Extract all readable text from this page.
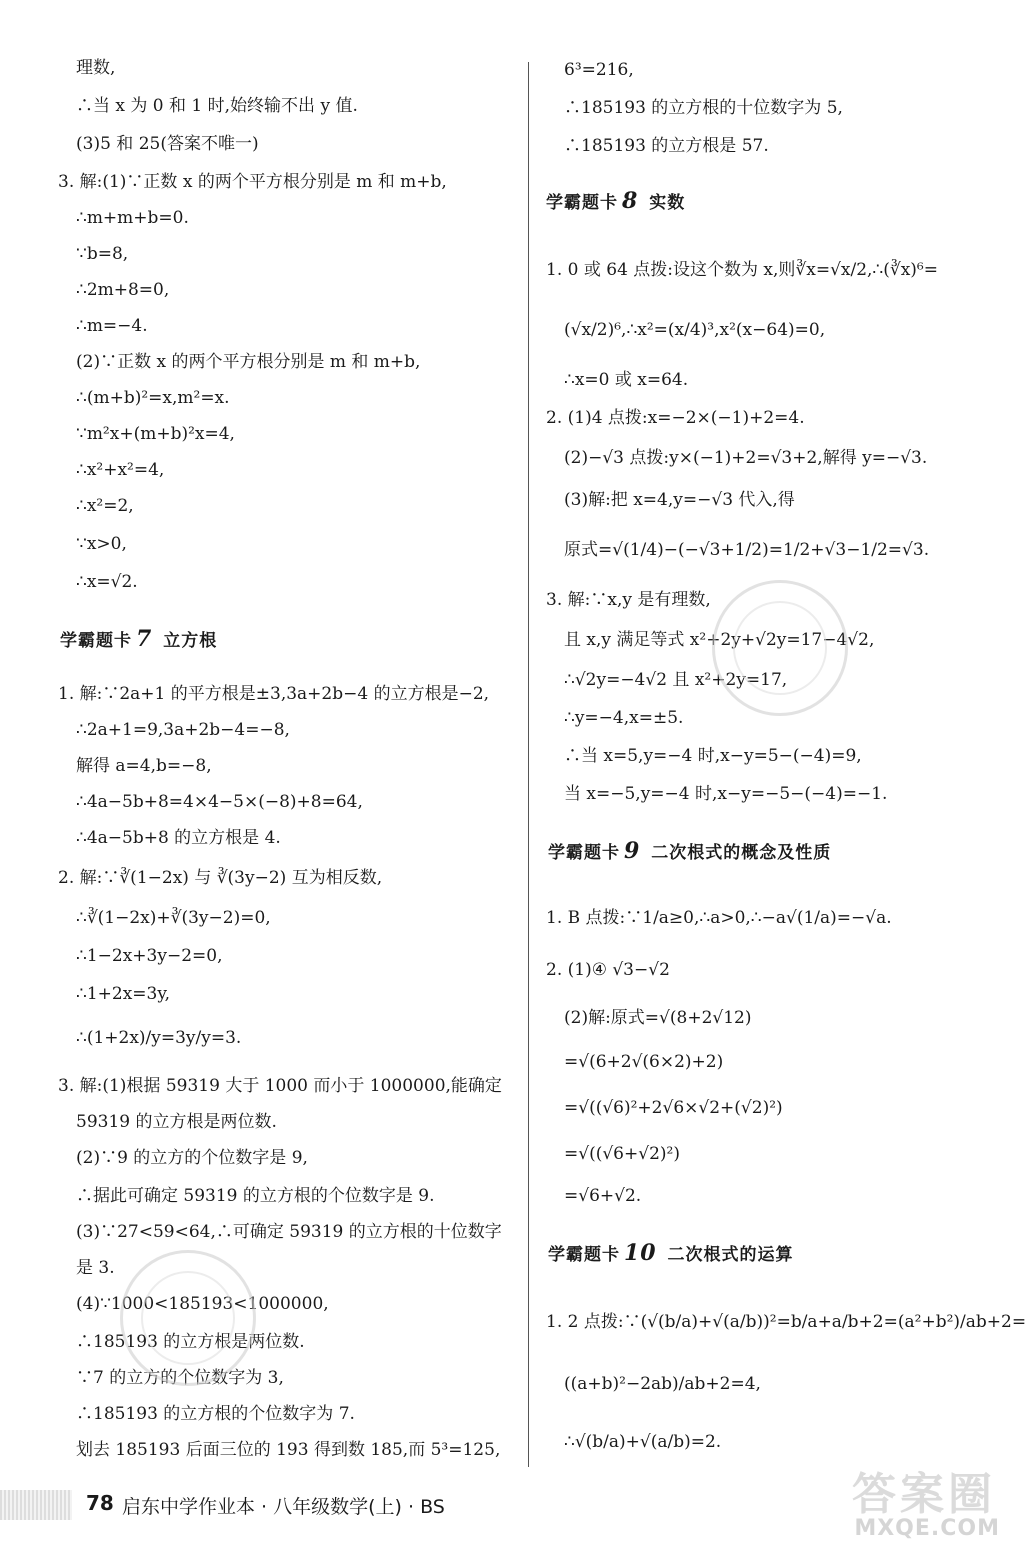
理数,
∴当 x 为 0 和 1 时,始终输不出 y 值.
(3)5 和 25(答案不唯一)
3. 解:(1)∵正数 x 的两个平方根分别是 m 和 m+b,
∴m+m+b=0.
∵b=8,
∴2m+8=0,
∴m=−4.
(2)∵正数 x 的两个平方根分别是 m 和 m+b,
∴(m+b)²=x,m²=x.
∵m²x+(m+b)²x=4,
∴x²+x²=4,
∴x²=2,
∵x>0,
∴x=√2.
学霸题卡 7 立方根
1. 解:∵2a+1 的平方根是±3,3a+2b−4 的立方根是−2,
∴2a+1=9,3a+2b−4=−8,
解得 a=4,b=−8,
∴4a−5b+8=4×4−5×(−8)+8=64,
∴4a−5b+8 的立方根是 4.
2. 解:∵∛(1−2x) 与 ∛(3y−2) 互为相反数,
∴∛(1−2x)+∛(3y−2)=0,
∴1−2x+3y−2=0,
∴1+2x=3y,
∴(1+2x)/y=3y/y=3.
3. 解:(1)根据 59319 大于 1000 而小于 1000000,能确定
59319 的立方根是两位数.
(2)∵9 的立方的个位数字是 9,
∴据此可确定 59319 的立方根的个位数字是 9.
(3)∵27<59<64,∴可确定 59319 的立方根的十位数字
是 3.
(4)∵1000<185193<1000000,
∴185193 的立方根是两位数.
∵7 的立方的个位数字为 3,
∴185193 的立方根的个位数字为 7.
划去 185193 后面三位的 193 得到数 185,而 5³=125,
6³=216,
∴185193 的立方根的十位数字为 5,
∴185193 的立方根是 57.
学霸题卡 8 实数
1. 0 或 64 点拨:设这个数为 x,则∛x=√x/2,∴(∛x)⁶=
(√x/2)⁶,∴x²=(x/4)³,x²(x−64)=0,
∴x=0 或 x=64.
2. (1)4 点拨:x=−2×(−1)+2=4.
(2)−√3 点拨:y×(−1)+2=√3+2,解得 y=−√3.
(3)解:把 x=4,y=−√3 代入,得
原式=√(1/4)−(−√3+1/2)=1/2+√3−1/2=√3.
3. 解:∵x,y 是有理数,
且 x,y 满足等式 x²+2y+√2y=17−4√2,
∴√2y=−4√2 且 x²+2y=17,
∴y=−4,x=±5.
∴当 x=5,y=−4 时,x−y=5−(−4)=9,
当 x=−5,y=−4 时,x−y=−5−(−4)=−1.
学霸题卡 9 二次根式的概念及性质
1. B 点拨:∵1/a≥0,∴a>0,∴−a√(1/a)=−√a.
2. (1)④ √3−√2
(2)解:原式=√(8+2√12)
=√(6+2√(6×2)+2)
=√((√6)²+2√6×√2+(√2)²)
=√((√6+√2)²)
=√6+√2.
学霸题卡 10 二次根式的运算
1. 2 点拨:∵(√(b/a)+√(a/b))²=b/a+a/b+2=(a²+b²)/ab+2=
((a+b)²−2ab)/ab+2=4,
∴√(b/a)+√(a/b)=2.
78 启东中学作业本 · 八年级数学(上) · BS	答案圈
MXQE.COM
